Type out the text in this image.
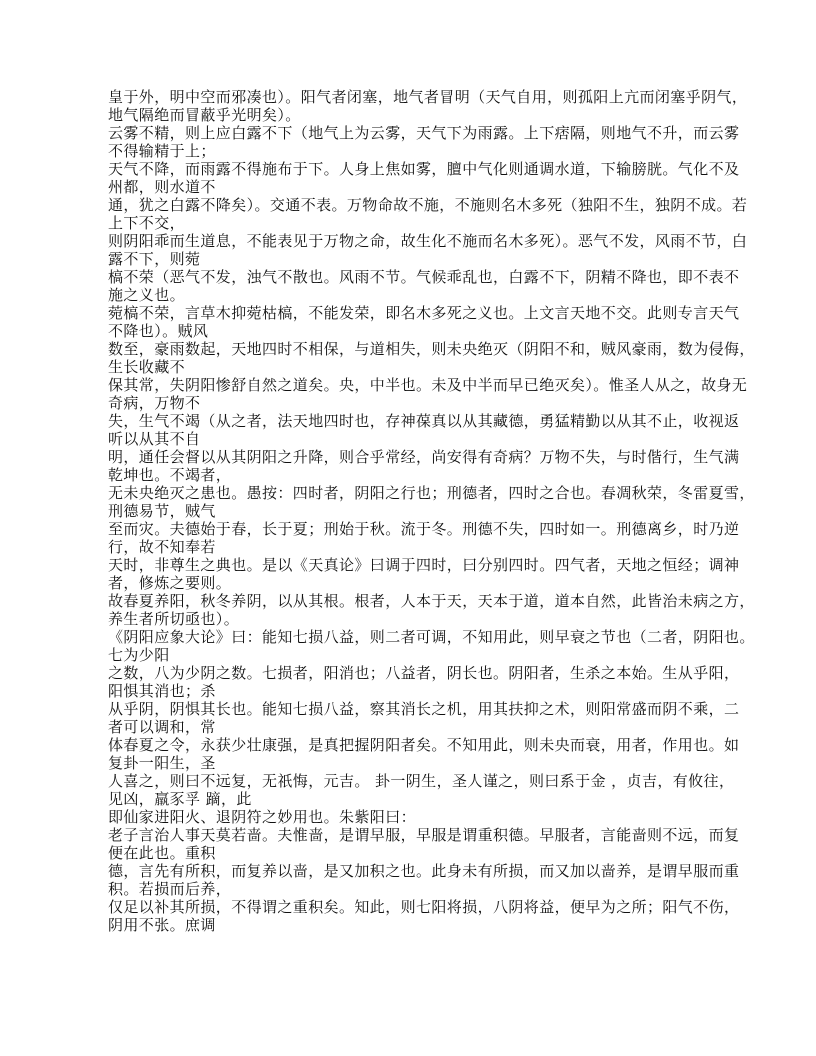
皇于外，明中空而邪凑也）。阳气者闭塞，地气者冒明（天气自用，则孤阳上亢而闭塞乎阴气，
地气隔绝而冒蔽乎光明矣）。
云雾不精，则上应白露不下（地气上为云雾，天气下为雨露。上下痞隔，则地气不升，而云雾
不得输精于上；
天气不降，而雨露不得施布于下。人身上焦如雾，膻中气化则通调水道，下输膀胱。气化不及
州都，则水道不
通，犹之白露不降矣）。交通不表。万物命故不施，不施则名木多死（独阳不生，独阴不成。若
上下不交，
则阴阳乖而生道息，不能表见于万物之命，故生化不施而名木多死）。恶气不发，风雨不节，白
露不下，则菀
槁不荣（恶气不发，浊气不散也。风雨不节。气候乖乱也，白露不下，阴精不降也，即不表不
施之义也。
菀槁不荣，言草木抑菀枯槁，不能发荣，即名木多死之义也。上文言天地不交。此则专言天气
不降也）。贼风
数至，豪雨数起，天地四时不相保，与道相失，则未央绝灭（阴阳不和，贼风豪雨，数为侵侮，
生长收藏不
保其常，失阴阳惨舒自然之道矣。央，中半也。未及中半而早已绝灭矣）。惟圣人从之，故身无
奇病，万物不
失，生气不竭（从之者，法天地四时也，存神葆真以从其藏德，勇猛精勤以从其不止，收视返
听以从其不自
明，通任会督以从其阴阳之升降，则合乎常经，尚安得有奇病？万物不失，与时偕行，生气满
乾坤也。不竭者，
无未央绝灭之患也。愚按：四时者，阴阳之行也；刑德者，四时之合也。春凋秋荣，冬雷夏雪，
刑德易节，贼气
至而灾。夫德始于春，长于夏；刑始于秋。流于冬。刑德不失，四时如一。刑德离乡，时乃逆
行，故不知奉若
天时，非尊生之典也。是以《天真论》曰调于四时，曰分别四时。四气者，天地之恒经；调神
者，修炼之要则。
故春夏养阳，秋冬养阴，以从其根。根者，人本于天，天本于道，道本自然，此皆治未病之方，
养生者所切亟也）。
《阴阳应象大论》曰：能知七损八益，则二者可调，不知用此，则早衰之节也（二者，阴阳也。
七为少阳
之数，八为少阴之数。七损者，阳消也；八益者，阴长也。阴阳者，生杀之本始。生从乎阳，
阳惧其消也；杀
从乎阴，阴惧其长也。能知七损八益，察其消长之机，用其扶抑之术，则阳常盛而阴不乘，二
者可以调和，常
体春夏之令，永获少壮康强，是真把握阴阳者矣。不知用此，则未央而衰，用者，作用也。如
复卦一阳生，圣
人喜之，则曰不远复，无祇悔，元吉。 卦一阴生，圣人谨之，则曰系于金 ，贞吉，有攸往，
见凶，羸豕孚 蹢，此
即仙家进阳火、退阴符之妙用也。朱紫阳曰：
老子言治人事天莫若啬。夫惟啬，是谓早服，早服是谓重积德。早服者，言能啬则不远，而复
便在此也。重积
德，言先有所积，而复养以啬，是又加积之也。此身未有所损，而又加以啬养，是谓早服而重
积。若损而后养，
仅足以补其所损，不得谓之重积矣。知此，则七阳将损，八阴将益，便早为之所；阳气不伤，
阴用不张。庶调
